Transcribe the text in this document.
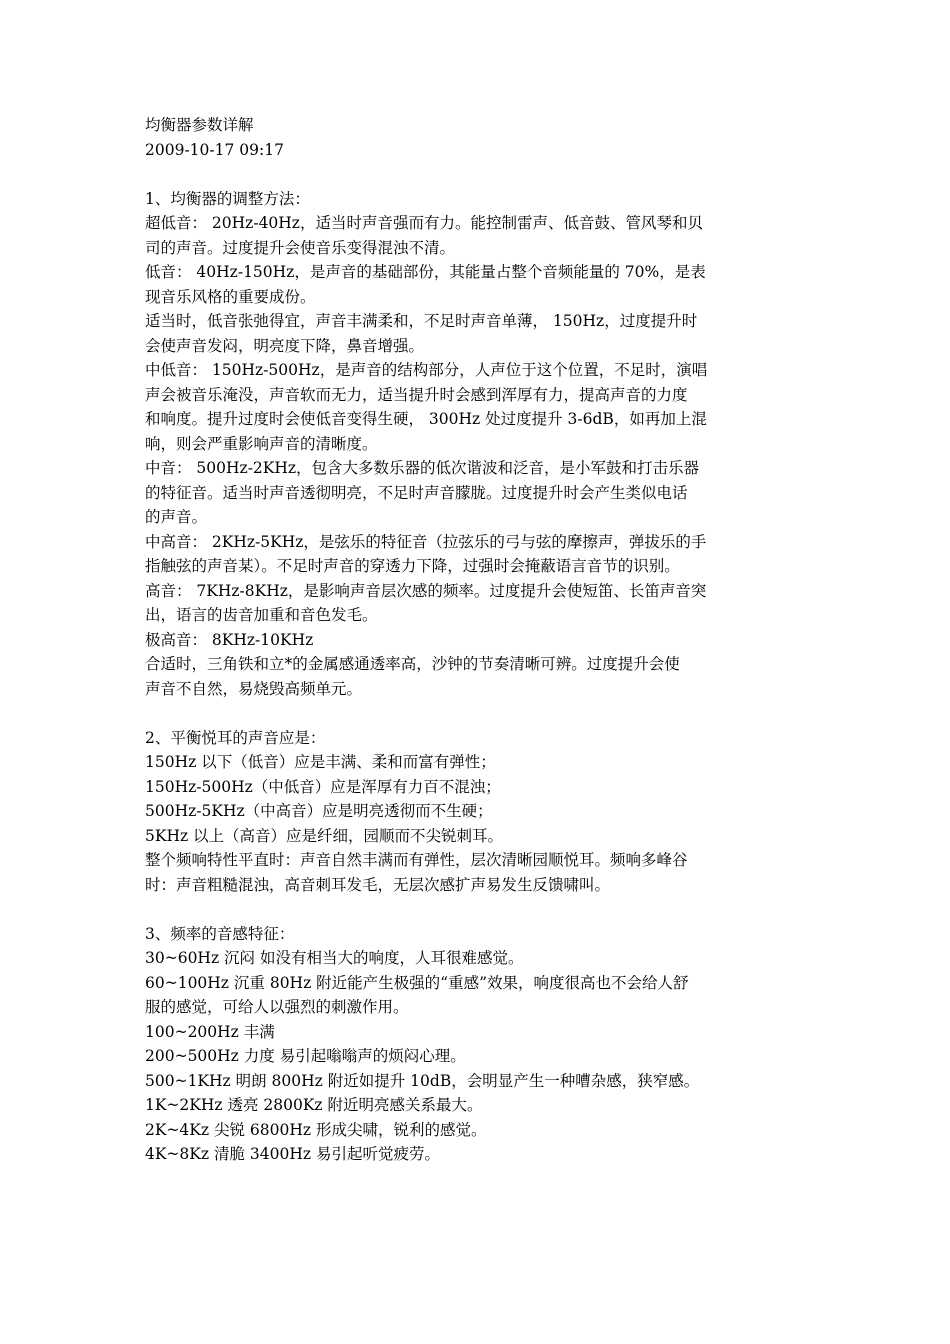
均衡器参数详解

2009-10-17 09:17

1、均衡器的调整方法：

超低音： 20Hz-40Hz，适当时声音强而有力。能控制雷声、低音鼓、管风琴和贝

司的声音。过度提升会使音乐变得混浊不清。

低音： 40Hz-150Hz，是声音的基础部份，其能量占整个音频能量的 70%，是表

现音乐风格的重要成份。

适当时，低音张弛得宜，声音丰满柔和，不足时声音单薄， 150Hz，过度提升时

会使声音发闷，明亮度下降，鼻音增强。

中低音： 150Hz-500Hz，是声音的结构部分，人声位于这个位置，不足时，演唱

声会被音乐淹没，声音软而无力，适当提升时会感到浑厚有力，提高声音的力度

和响度。提升过度时会使低音变得生硬， 300Hz 处过度提升 3-6dB，如再加上混

响，则会严重影响声音的清晰度。

中音： 500Hz-2KHz，包含大多数乐器的低次谐波和泛音，是小军鼓和打击乐器

的特征音。适当时声音透彻明亮，不足时声音朦胧。过度提升时会产生类似电话

的声音。

中高音： 2KHz-5KHz，是弦乐的特征音（拉弦乐的弓与弦的摩擦声，弹拔乐的手

指触弦的声音某）。不足时声音的穿透力下降，过强时会掩蔽语言音节的识别。

高音： 7KHz-8KHz，是影响声音层次感的频率。过度提升会使短笛、长笛声音突

出，语言的齿音加重和音色发毛。

极高音： 8KHz-10KHz

合适时，三角铁和立*的金属感通透率高，沙钟的节奏清晰可辨。过度提升会使

声音不自然，易烧毁高频单元。

2、平衡悦耳的声音应是：

150Hz 以下（低音）应是丰满、柔和而富有弹性；

150Hz-500Hz（中低音）应是浑厚有力百不混浊；

500Hz-5KHz（中高音）应是明亮透彻而不生硬；

5KHz 以上（高音）应是纤细，园顺而不尖锐刺耳。

整个频响特性平直时：声音自然丰满而有弹性，层次清晰园顺悦耳。频响多峰谷

时：声音粗糙混浊，高音刺耳发毛，无层次感扩声易发生反馈啸叫。

3、频率的音感特征：

30~60Hz 沉闷 如没有相当大的响度，人耳很难感觉。

60~100Hz 沉重 80Hz 附近能产生极强的“重感”效果，响度很高也不会给人舒

服的感觉，可给人以强烈的刺激作用。

100~200Hz 丰满

200~500Hz 力度 易引起嗡嗡声的烦闷心理。

500~1KHz 明朗 800Hz 附近如提升 10dB，会明显产生一种嘈杂感，狭窄感。

1K~2KHz 透亮 2800Kz 附近明亮感关系最大。

2K~4Kz 尖锐 6800Hz 形成尖啸，锐利的感觉。

4K~8Kz 清脆 3400Hz 易引起听觉疲劳。
